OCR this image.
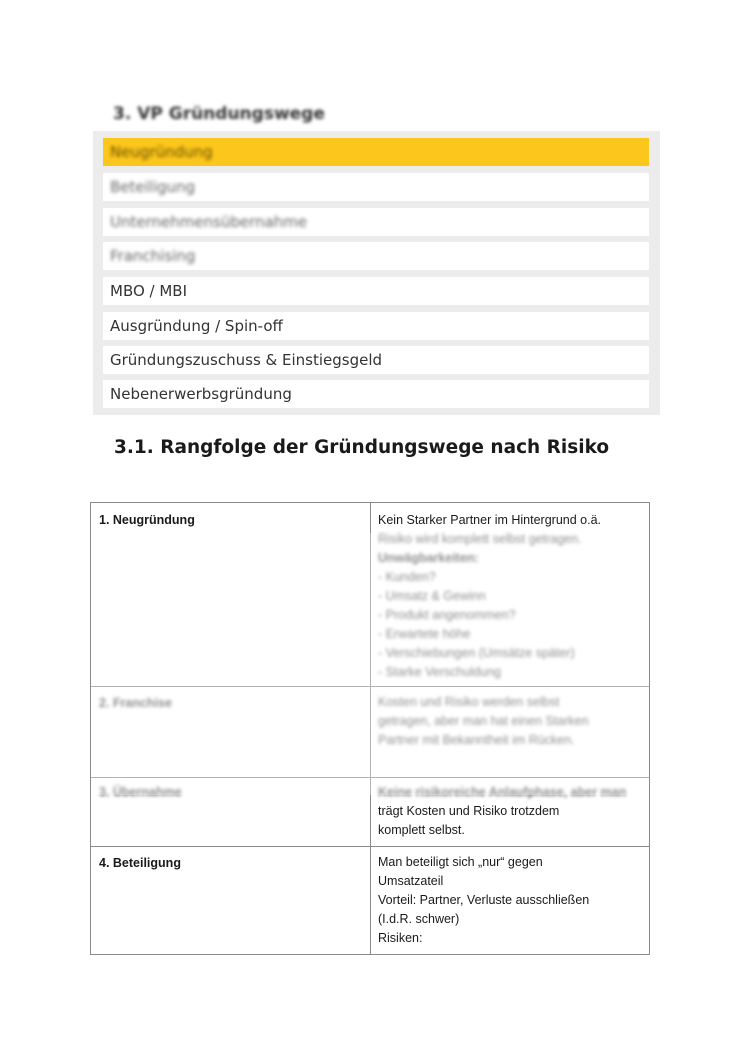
3. VP Gründungswege
Neugründung
Beteiligung
Unternehmensübernahme
Franchising
MBO / MBI
Ausgründung / Spin-off
Gründungszuschuss & Einstiegsgeld
Nebenerwerbsgründung
3.1. Rangfolge der Gründungswege nach Risiko
1. Neugründung	Kein Starker Partner im Hintergrund o.ä.
Risiko wird komplett selbst getragen.
Unwägbarkeiten:
- Kunden?
- Umsatz & Gewinn
- Produkt angenommen?
- Erwartete höhe
- Verschiebungen (Umsätze später)
- Starke Verschuldung
2. Franchise	Kosten und Risiko werden selbst
getragen, aber man hat einen Starken
Partner mit Bekanntheit im Rücken.
3. Übernahme	Keine risikoreiche Anlaufphase, aber man
trägt Kosten und Risiko trotzdem
komplett selbst.
4. Beteiligung	Man beteiligt sich „nur“ gegen
Umsatzateil
Vorteil: Partner, Verluste ausschließen
(I.d.R. schwer)
Risiken:
